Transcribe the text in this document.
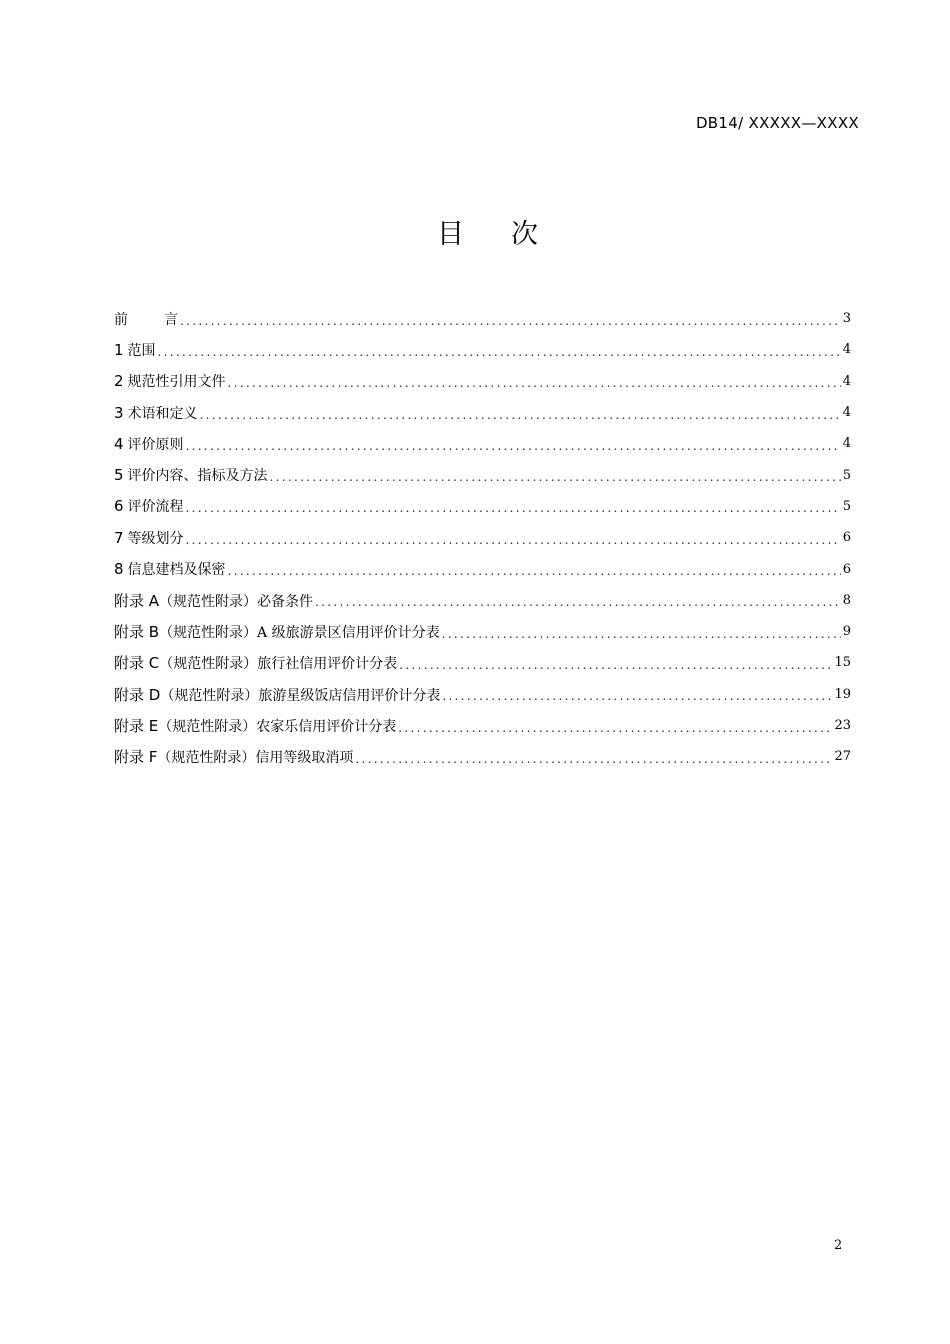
DB14/ XXXXX—XXXX
目 次
前	言 .....	3
1 范围 .....	4
2 规范性引用文件 .....	4
3 术语和定义 .....	4
4 评价原则 .....	4
5 评价内容、指标及方法 .....	5
6 评价流程 .....	5
7 等级划分 .....	6
8 信息建档及保密 .....	6
附录 A（规范性附录）必备条件 .....	8
附录 B（规范性附录）A 级旅游景区信用评价计分表 .....	9
附录 C（规范性附录）旅行社信用评价计分表 .....	15
附录 D（规范性附录）旅游星级饭店信用评价计分表 .....	19
附录 E（规范性附录）农家乐信用评价计分表 .....	23
附录 F（规范性附录）信用等级取消项 .....	27
2
